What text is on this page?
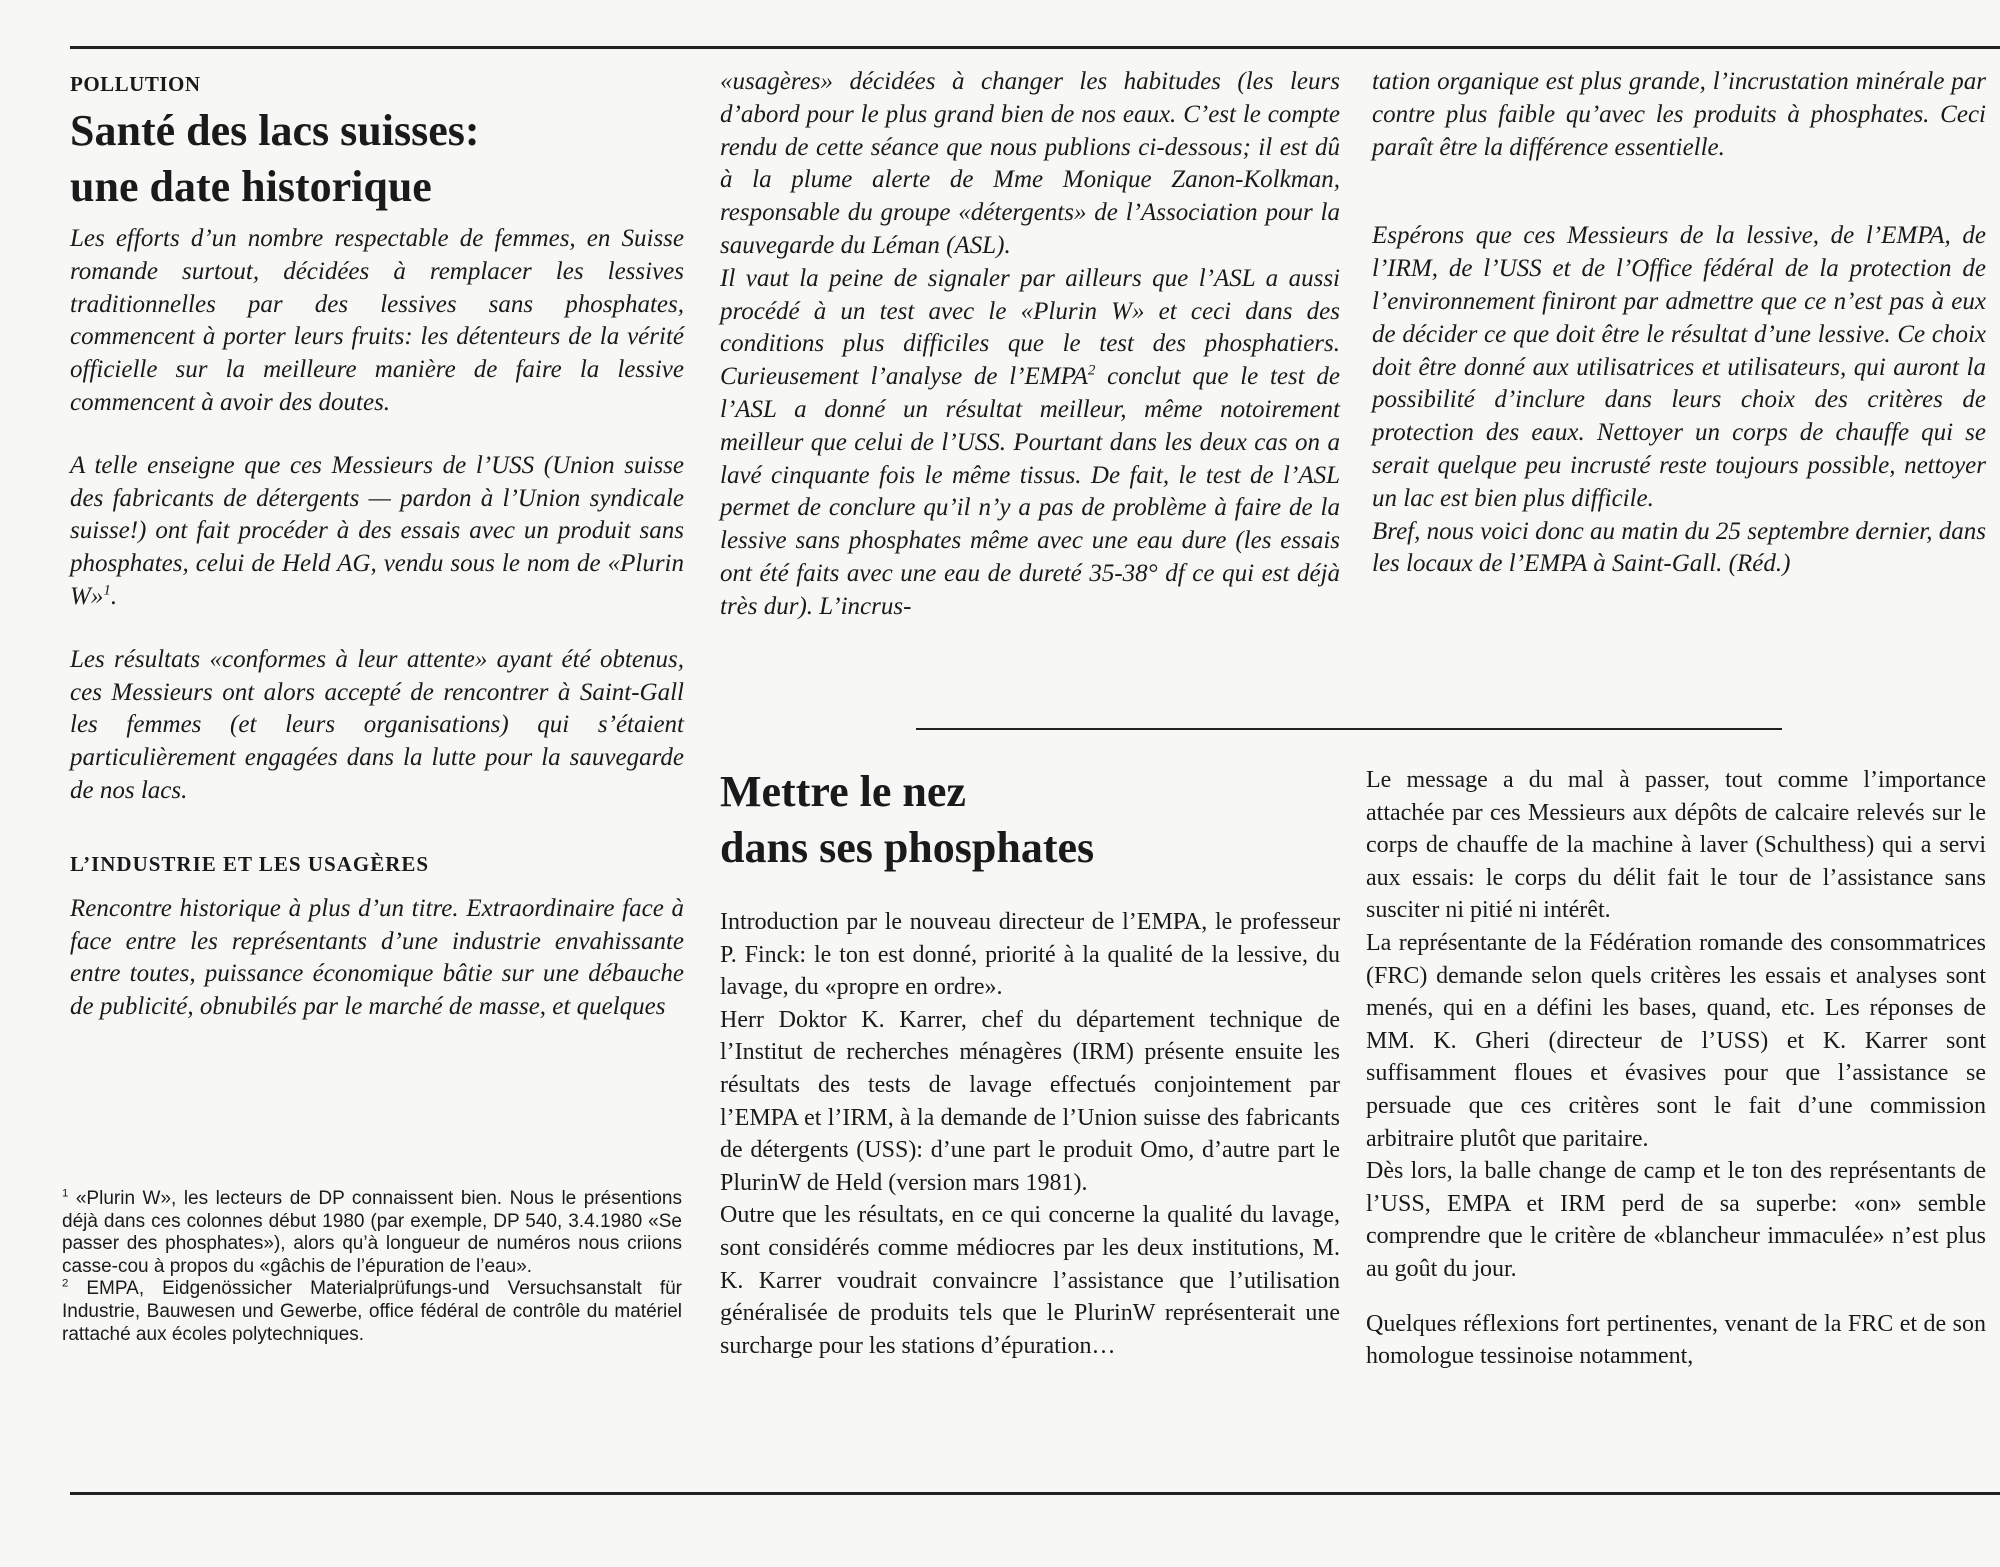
POLLUTION
Santé des lacs suisses:
une date historique

Les efforts d’un nombre respectable de femmes, en Suisse romande surtout, décidées à remplacer les lessives traditionnelles par des lessives sans phosphates, commencent à porter leurs fruits: les détenteurs de la vérité officielle sur la meilleure manière de faire la lessive commencent à avoir des doutes.

A telle enseigne que ces Messieurs de l’USS (Union suisse des fabricants de détergents — pardon à l’Union syndicale suisse!) ont fait procéder à des essais avec un produit sans phosphates, celui de Held AG, vendu sous le nom de «Plurin W»$^1$.

Les résultats «conformes à leur attente» ayant été obtenus, ces Messieurs ont alors accepté de rencontrer à Saint-Gall les femmes (et leurs organisations) qui s’étaient particulièrement engagées dans la lutte pour la sauvegarde de nos lacs.

L’INDUSTRIE ET LES USAGÈRES

Rencontre historique à plus d’un titre. Extraordinaire face à face entre les représentants d’une industrie envahissante entre toutes, puissance économique bâtie sur une débauche de publicité, obnubilés par le marché de masse, et quelques

$^1$ «Plurin W», les lecteurs de DP connaissent bien. Nous le présentions déjà dans ces colonnes début 1980 (par exemple, DP 540, 3.4.1980 «Se passer des phosphates»), alors qu’à longueur de numéros nous criions casse-cou à propos du «gâchis de l’épuration de l’eau».

$^2$ EMPA, Eidgenössicher Materialprüfungs-und Versuchsanstalt für Industrie, Bauwesen und Gewerbe, office fédéral de contrôle du matériel rattaché aux écoles polytechniques.

«usagères» décidées à changer les habitudes (les leurs d’abord pour le plus grand bien de nos eaux. C’est le compte rendu de cette séance que nous publions ci-dessous; il est dû à la plume alerte de Mme Monique Zanon-Kolkman, responsable du groupe «détergents» de l’Association pour la sauvegarde du Léman (ASL).

Il vaut la peine de signaler par ailleurs que l’ASL a aussi procédé à un test avec le «Plurin W» et ceci dans des conditions plus difficiles que le test des phosphatiers. Curieusement l’analyse de l’EMPA$^2$ conclut que le test de l’ASL a donné un résultat meilleur, même notoirement meilleur que celui de l’USS. Pourtant dans les deux cas on a lavé cinquante fois le même tissus. De fait, le test de l’ASL permet de conclure qu’il n’y a pas de problème à faire de la lessive sans phosphates même avec une eau dure (les essais ont été faits avec une eau de dureté 35-38° df ce qui est déjà très dur). L’incrus-

tation organique est plus grande, l’incrustation minérale par contre plus faible qu’avec les produits à phosphates. Ceci paraît être la différence essentielle.

Espérons que ces Messieurs de la lessive, de l’EMPA, de l’IRM, de l’USS et de l’Office fédéral de la protection de l’environnement finiront par admettre que ce n’est pas à eux de décider ce que doit être le résultat d’une lessive. Ce choix doit être donné aux utilisatrices et utilisateurs, qui auront la possibilité d’inclure dans leurs choix des critères de protection des eaux. Nettoyer un corps de chauffe qui se serait quelque peu incrusté reste toujours possible, nettoyer un lac est bien plus difficile.

Bref, nous voici donc au matin du 25 septembre dernier, dans les locaux de l’EMPA à Saint-Gall. (Réd.)

Mettre le nez
dans ses phosphates

Introduction par le nouveau directeur de l’EMPA, le professeur P. Finck: le ton est donné, priorité à la qualité de la lessive, du lavage, du «propre en ordre».

Herr Doktor K. Karrer, chef du département technique de l’Institut de recherches ménagères (IRM) présente ensuite les résultats des tests de lavage effectués conjointement par l’EMPA et l’IRM, à la demande de l’Union suisse des fabricants de détergents (USS): d’une part le produit Omo, d’autre part le PlurinW de Held (version mars 1981).

Outre que les résultats, en ce qui concerne la qualité du lavage, sont considérés comme médiocres par les deux institutions, M. K. Karrer voudrait convaincre l’assistance que l’utilisation généralisée de produits tels que le PlurinW représenterait une surcharge pour les stations d’épuration…

Le message a du mal à passer, tout comme l’importance attachée par ces Messieurs aux dépôts de calcaire relevés sur le corps de chauffe de la machine à laver (Schulthess) qui a servi aux essais: le corps du délit fait le tour de l’assistance sans susciter ni pitié ni intérêt.

La représentante de la Fédération romande des consommatrices (FRC) demande selon quels critères les essais et analyses sont menés, qui en a défini les bases, quand, etc. Les réponses de MM. K. Gheri (directeur de l’USS) et K. Karrer sont suffisamment floues et évasives pour que l’assistance se persuade que ces critères sont le fait d’une commission arbitraire plutôt que paritaire.

Dès lors, la balle change de camp et le ton des représentants de l’USS, EMPA et IRM perd de sa superbe: «on» semble comprendre que le critère de «blancheur immaculée» n’est plus au goût du jour.

Quelques réflexions fort pertinentes, venant de la FRC et de son homologue tessinoise notamment,
